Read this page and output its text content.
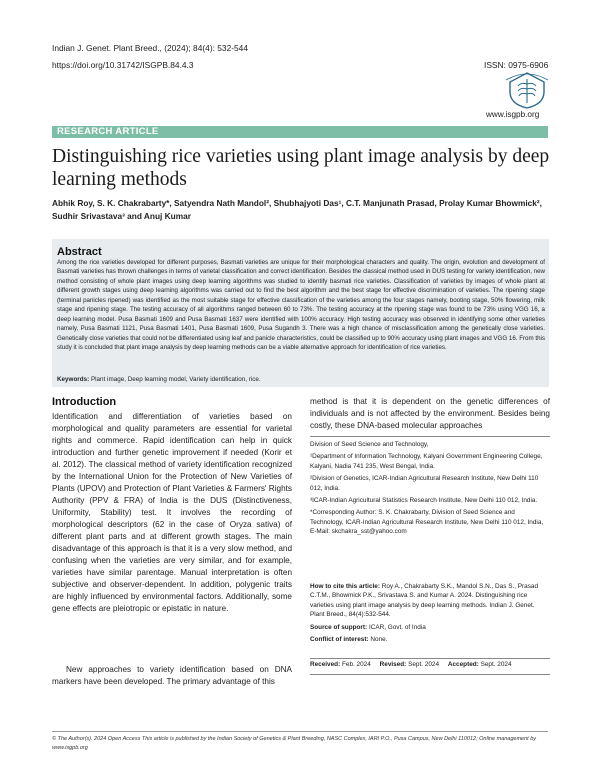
Indian J. Genet. Plant Breed., (2024); 84(4): 532-544
https://doi.org/10.31742/ISGPB.84.4.3	ISSN: 0975-6906
www.isgpb.org
RESEARCH ARTICLE
Distinguishing rice varieties using plant image analysis by deep learning methods
Abhik Roy, S. K. Chakrabarty*, Satyendra Nath Mandol², Shubhajyoti Das¹, C.T. Manjunath Prasad, Prolay Kumar Bhowmick², Sudhir Srivastava³ and Anuj Kumar
Abstract
Among the rice varieties developed for different purposes, Basmati varieties are unique for their morphological characters and quality. The origin, evolution and development of Basmati varieties has thrown challenges in terms of varietal classification and correct identification. Besides the classical method used in DUS testing for variety identification, new method consisting of whole plant images using deep learning algorithms was studied to identify basmati rice varieties. Classification of varieties by images of whole plant at different growth stages using deep learning algorithms was carried out to find the best algorithm and the best stage for effective discrimination of varieties. The ripening stage (terminal panicles ripened) was identified as the most suitable stage for effective classification of the varieties among the four stages namely, booting stage, 50% flowering, milk stage and ripening stage. The testing accuracy of all algorithms ranged between 60 to 73%. The testing accuracy at the ripening stage was found to be 73% using VGG 16, a deep learning model. Pusa Basmati 1609 and Pusa Basmati 1637 were identified with 100% accuracy. High testing accuracy was observed in identifying some other varieties namely, Pusa Basmati 1121, Pusa Basmati 1401, Pusa Basmati 1609, Pusa Sugandh 3. There was a high chance of misclassification among the genetically close varieties. Genetically close varieties that could not be differentiated using leaf and panicle characteristics, could be classified up to 90% accuracy using plant images and VGG 16. From this study it is concluded that plant image analysis by deep learning methods can be a viable alternative approach for identification of rice varieties.
Keywords: Plant image, Deep learning model, Variety identification, rice.
Introduction
Identification and differentiation of varieties based on morphological and quality parameters are essential for varietal rights and commerce. Rapid identification can help in quick introduction and further genetic improvement if needed (Korir et al. 2012). The classical method of variety identification recognized by the International Union for the Protection of New Varieties of Plants (UPOV) and Protection of Plant Varieties & Farmers' Rights Authority (PPV & FRA) of India is the DUS (Distinctiveness, Uniformity, Stability) test. It involves the recording of morphological descriptors (62 in the case of Oryza sativa) of different plant parts and at different growth stages. The main disadvantage of this approach is that it is a very slow method, and confusing when the varieties are very similar, and for example, varieties have similar parentage. Manual interpretation is often subjective and observer-dependent. In addition, polygenic traits are highly influenced by environmental factors. Additionally, some gene effects are pleiotropic or epistatic in nature.
New approaches to variety identification based on DNA markers have been developed. The primary advantage of this
method is that it is dependent on the genetic differences of individuals and is not affected by the environment. Besides being costly, these DNA-based molecular approaches

Division of Seed Science and Technology,

¹Department of Information Technology, Kalyani Government Engineering College, Kalyani, Nadia 741 235, West Bengal, India.

²Division of Genetics, ICAR-Indian Agricultural Research Institute, New Delhi 110 012, India.

³ICAR-Indian Agricultural Statistics Research Institute, New Delhi 110 012, India.

*Corresponding Author: S. K. Chakrabarty, Division of Seed Science and Technology, ICAR-Indian Agricultural Research Institute, New Delhi 110 012, India, E-Mail: skchakra_sst@yahoo.com

How to cite this article: Roy A., Chakrabarty S.K., Mandol S.N., Das S., Prasad C.T.M., Bhowmick P.K., Srivastava S. and Kumar A. 2024. Distinguishing rice varieties using plant image analysis by deep learning methods. Indian J. Genet. Plant Breed., 84(4):532-544.

Source of support: ICAR, Govt. of India

Conflict of interest: None.

Received: Feb. 2024 Revised: Sept. 2024 Accepted: Sept. 2024
© The Author(s). 2024 Open Access This article is published by the Indian Society of Genetics & Plant Breeding, NASC Complex, IARI P.O., Pusa Campus, New Delhi 110012; Online management by www.isgpb.org
